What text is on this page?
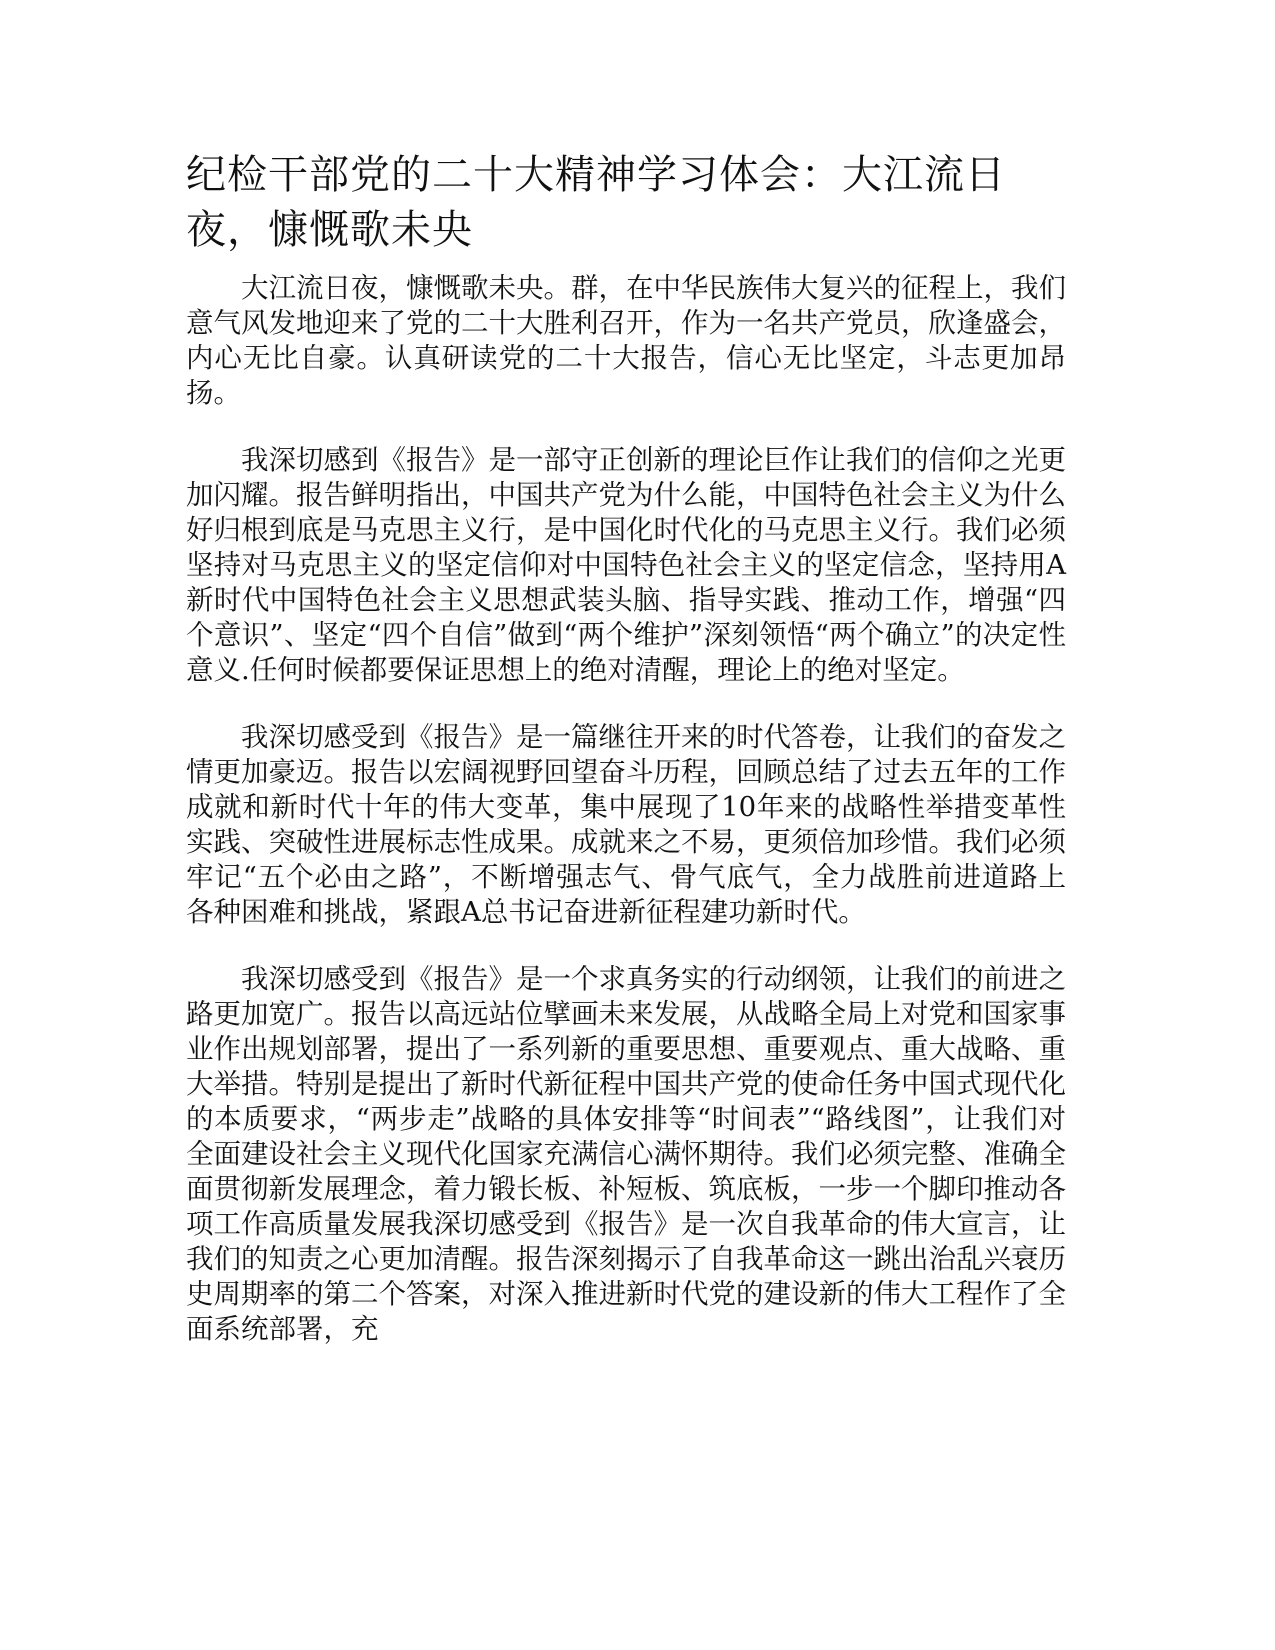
纪检干部党的二十大精神学习体会：大江流日夜，慷慨歌未央

大江流日夜，慷慨歌未央。群，在中华民族伟大复兴的征程上，我们意气风发地迎来了党的二十大胜利召开，作为一名共产党员，欣逢盛会，内心无比自豪。认真研读党的二十大报告，信心无比坚定，斗志更加昂扬。

我深切感到《报告》是一部守正创新的理论巨作让我们的信仰之光更加闪耀。报告鲜明指出，中国共产党为什么能，中国特色社会主义为什么好归根到底是马克思主义行，是中国化时代化的马克思主义行。我们必须坚持对马克思主义的坚定信仰对中国特色社会主义的坚定信念，坚持用A新时代中国特色社会主义思想武装头脑、指导实践、推动工作，增强“四个意识”、坚定“四个自信”做到“两个维护”深刻领悟“两个确立”的决定性意义.任何时候都要保证思想上的绝对清醒，理论上的绝对坚定。

我深切感受到《报告》是一篇继往开来的时代答卷，让我们的奋发之情更加豪迈。报告以宏阔视野回望奋斗历程，回顾总结了过去五年的工作成就和新时代十年的伟大变革，集中展现了10年来的战略性举措变革性实践、突破性进展标志性成果。成就来之不易，更须倍加珍惜。我们必须牢记“五个必由之路”，不断增强志气、骨气底气，全力战胜前进道路上各种困难和挑战，紧跟A总书记奋进新征程建功新时代。

我深切感受到《报告》是一个求真务实的行动纲领，让我们的前进之路更加宽广。报告以高远站位擘画未来发展，从战略全局上对党和国家事业作出规划部署，提出了一系列新的重要思想、重要观点、重大战略、重大举措。特别是提出了新时代新征程中国共产党的使命任务中国式现代化的本质要求，“两步走”战略的具体安排等“时间表”“路线图”，让我们对全面建设社会主义现代化国家充满信心满怀期待。我们必须完整、准确全面贯彻新发展理念，着力锻长板、补短板、筑底板，一步一个脚印推动各项工作高质量发展我深切感受到《报告》是一次自我革命的伟大宣言，让我们的知责之心更加清醒。报告深刻揭示了自我革命这一跳出治乱兴衰历史周期率的第二个答案，对深入推进新时代党的建设新的伟大工程作了全面系统部署，充
